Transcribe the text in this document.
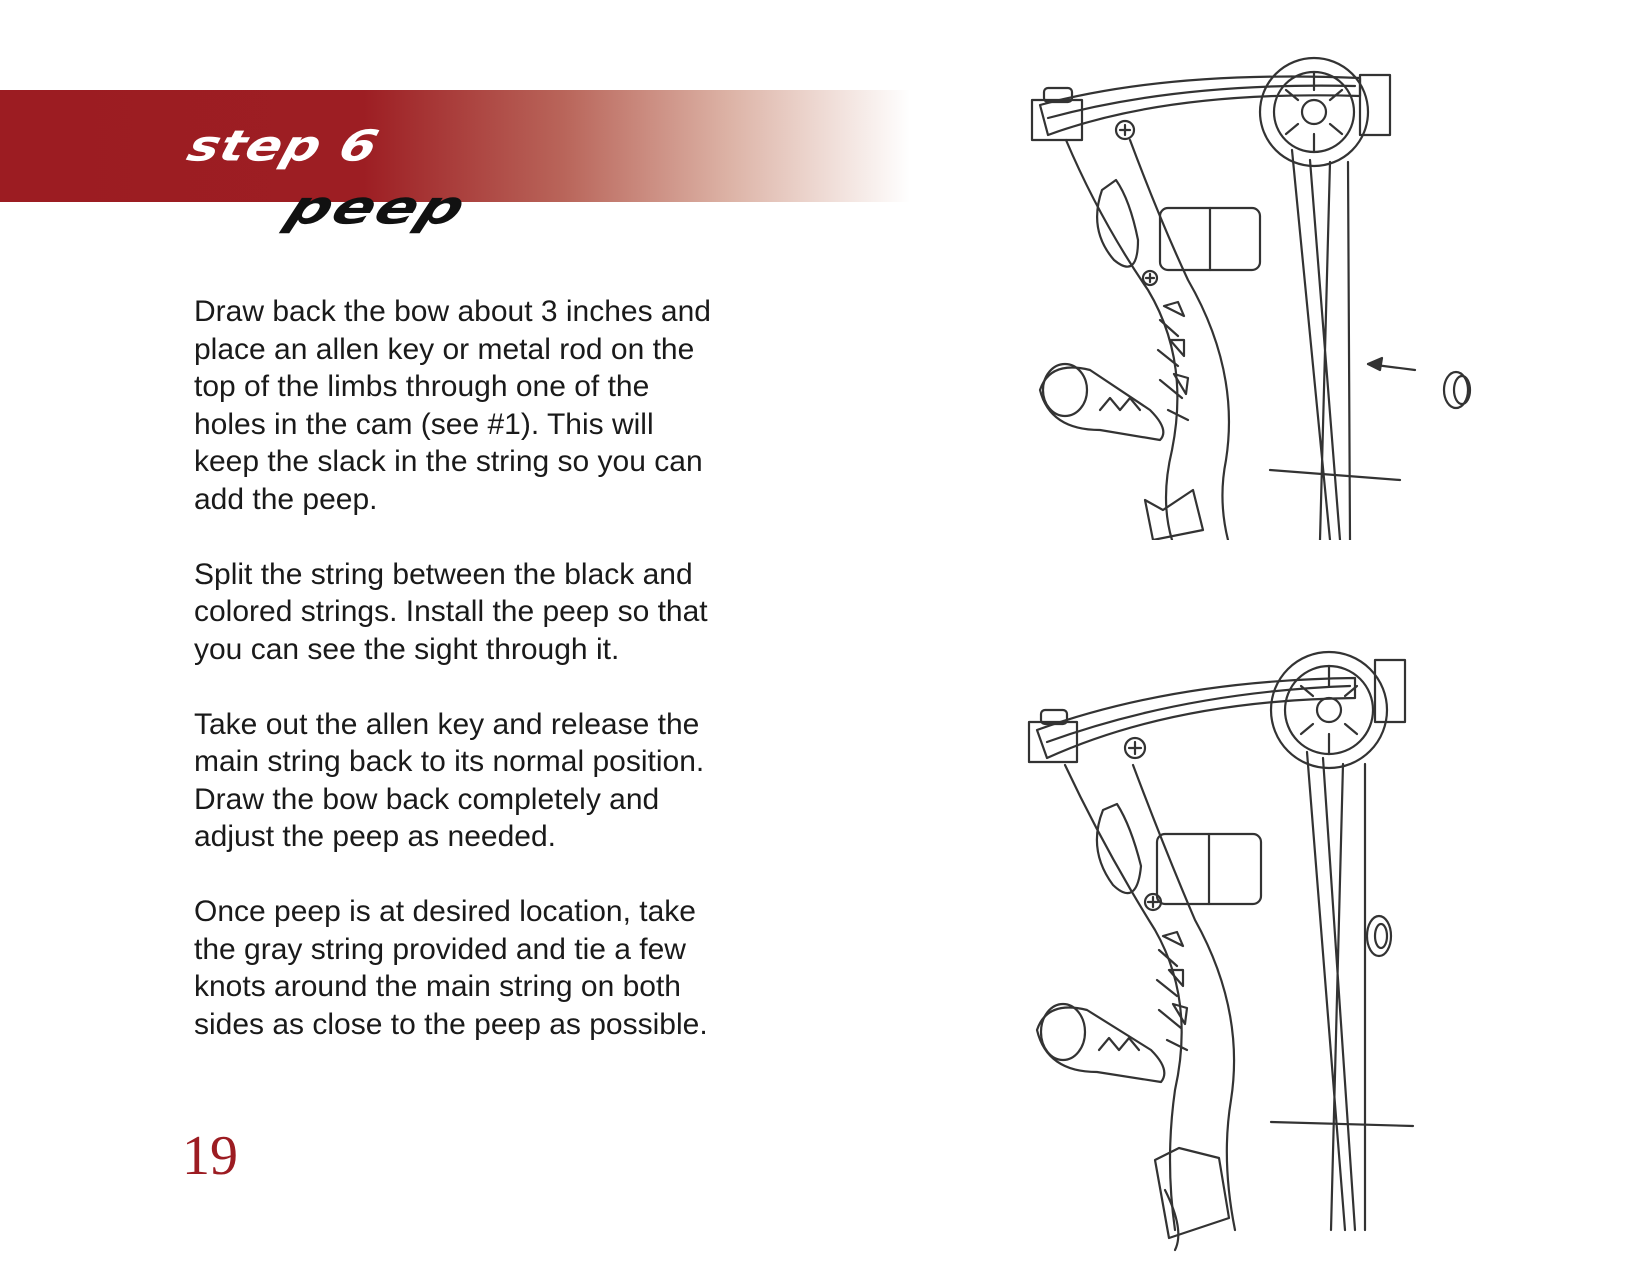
step 6
peep

Draw back the bow about 3 inches and place an allen key or metal rod on the top of the limbs through one of the holes in the cam (see #1). This will keep the slack in the string so you can add the peep.

Split the string between the black and colored strings. Install the peep so that you can see the sight through it.

Take out the allen key and release the main string back to its normal position. Draw the bow back completely and adjust the peep as needed.

Once peep is at desired location, take the gray string provided and tie a few knots around the main string on both sides as close to the peep as possible.

19
